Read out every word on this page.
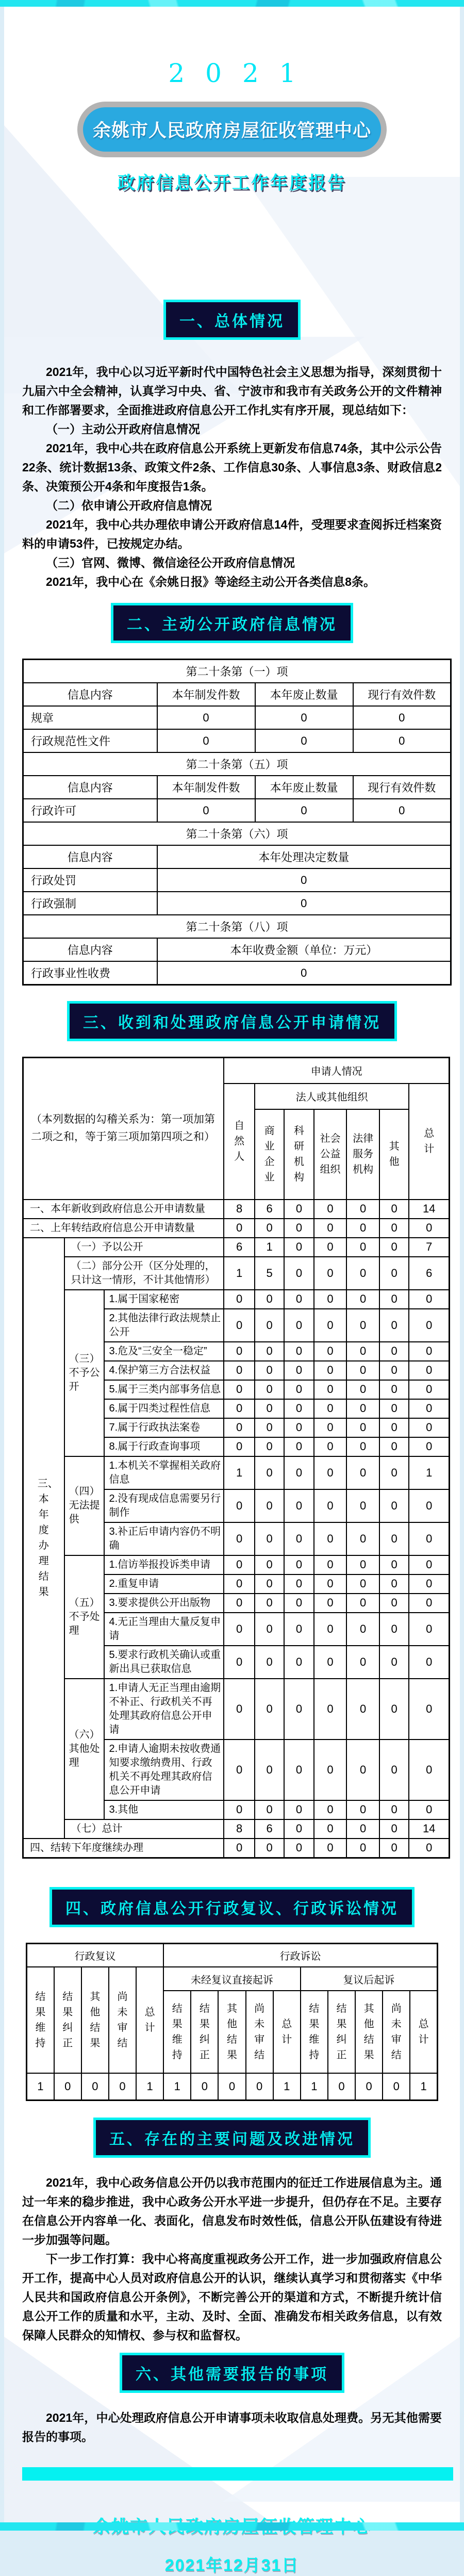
2021
余姚市人民政府房屋征收管理中心
政府信息公开工作年度报告
一、总体情况

2021年，我中心以习近平新时代中国特色社会主义思想为指导，深刻贯彻十九届六中全会精神，认真学习中央、省、宁波市和我市有关政务公开的文件精神和工作部署要求，全面推进政府信息公开工作扎实有序开展，现总结如下：

（一）主动公开政府信息情况

2021年，我中心共在政府信息公开系统上更新发布信息74条，其中公示公告22条、统计数据13条、政策文件2条、工作信息30条、人事信息3条、财政信息2条、决策预公开4条和年度报告1条。

（二）依申请公开政府信息情况

2021年，我中心共办理依申请公开政府信息14件，受理要求查阅拆迁档案资料的申请53件，已按规定办结。

（三）官网、微博、微信途径公开政府信息情况

2021年，我中心在《余姚日报》等途经主动公开各类信息8条。

二、主动公开政府信息情况
第二十条第（一）项			
信息内容	本年制发件数	本年废止数量	现行有效件数
规章	0	0	0
行政规范性文件	0	0	0
第二十条第（五）项			
信息内容	本年制发件数	本年废止数量	现行有效件数
行政许可	0	0	0
第二十条第（六）项			
信息内容	本年处理决定数量		
行政处罚	0		
行政强制	0		
第二十条第（八）项			
信息内容	本年收费金额（单位：万元）		
行政事业性收费	0		
三、收到和处理政府信息公开申请情况
（本列数据的勾稽关系为：第一项加第二项之和，等于第三项加第四项之和）			申请人情况						

			自然人	法人或其他组织					总计

				商业企业	科研机构	社会公益组织	法律服务机构	其他	

一、本年新收到政府信息公开申请数量			8	6	0	0	0	0	14
二、上年转结政府信息公开申请数量			0	0	0	0	0	0	0

三、本年度办理结果	（一）予以公开		6	1	0	0	0	0	7
	（二）部分公开（区分处理的，只计这一情形，不计其他情形）		1	5	0	0	0	0	6
	（三）不予公开	1.属于国家秘密	0	0	0	0	0	0	0
		2.其他法律行政法规禁止公开	0	0	0	0	0	0	0
		3.危及“三安全一稳定”	0	0	0	0	0	0	0
		4.保护第三方合法权益	0	0	0	0	0	0	0
		5.属于三类内部事务信息	0	0	0	0	0	0	0
		6.属于四类过程性信息	0	0	0	0	0	0	0
		7.属于行政执法案卷	0	0	0	0	0	0	0
		8.属于行政查询事项	0	0	0	0	0	0	0
	（四）无法提供	1.本机关不掌握相关政府信息	1	0	0	0	0	0	1
		2.没有现成信息需要另行制作	0	0	0	0	0	0	0
		3.补正后申请内容仍不明确	0	0	0	0	0	0	0
	（五）不予处理	1.信访举报投诉类申请	0	0	0	0	0	0	0
		2.重复申请	0	0	0	0	0	0	0
		3.要求提供公开出版物	0	0	0	0	0	0	0
		4.无正当理由大量反复申请	0	0	0	0	0	0	0
		5.要求行政机关确认或重新出具已获取信息	0	0	0	0	0	0	0
	（六）其他处理	1.申请人无正当理由逾期不补正、行政机关不再处理其政府信息公开申请	0	0	0	0	0	0	0
		2.申请人逾期未按收费通知要求缴纳费用、行政机关不再处理其政府信息公开申请	0	0	0	0	0	0	0
		3.其他	0	0	0	0	0	0	0
	（七）总计		8	6	0	0	0	0	14
四、结转下年度继续办理			0	0	0	0	0	0	0
四、政府信息公开行政复议、行政诉讼情况
行政复议					行政诉讼									

结果维持	结果纠正	其他结果	尚未审结	总计	未经复议直接起诉					复议后起诉				

					结果维持	结果纠正	其他结果	尚未审结	总计	结果维持	结果纠正	其他结果	尚未审结	总计

1	0	0	0	1	1	0	0	0	1	1	0	0	0	1
五、存在的主要问题及改进情况

2021年，我中心政务信息公开仍以我市范围内的征迁工作进展信息为主。通过一年来的稳步推进，我中心政务公开水平进一步提升，但仍存在不足。主要存在信息公开内容单一化、表面化，信息发布时效性低，信息公开队伍建设有待进一步加强等问题。

下一步工作打算：我中心将高度重视政务公开工作，进一步加强政府信息公开工作，提高中心人员对政府信息公开的认识，继续认真学习和贯彻落实《中华人民共和国政府信息公开条例》，不断完善公开的渠道和方式，不断提升统计信息公开工作的质量和水平，主动、及时、全面、准确发布相关政务信息，以有效保障人民群众的知情权、参与权和监督权。

六、其他需要报告的事项

2021年，中心处理政府信息公开申请事项未收取信息处理费。另无其他需要报告的事项。

2021年12月31日
